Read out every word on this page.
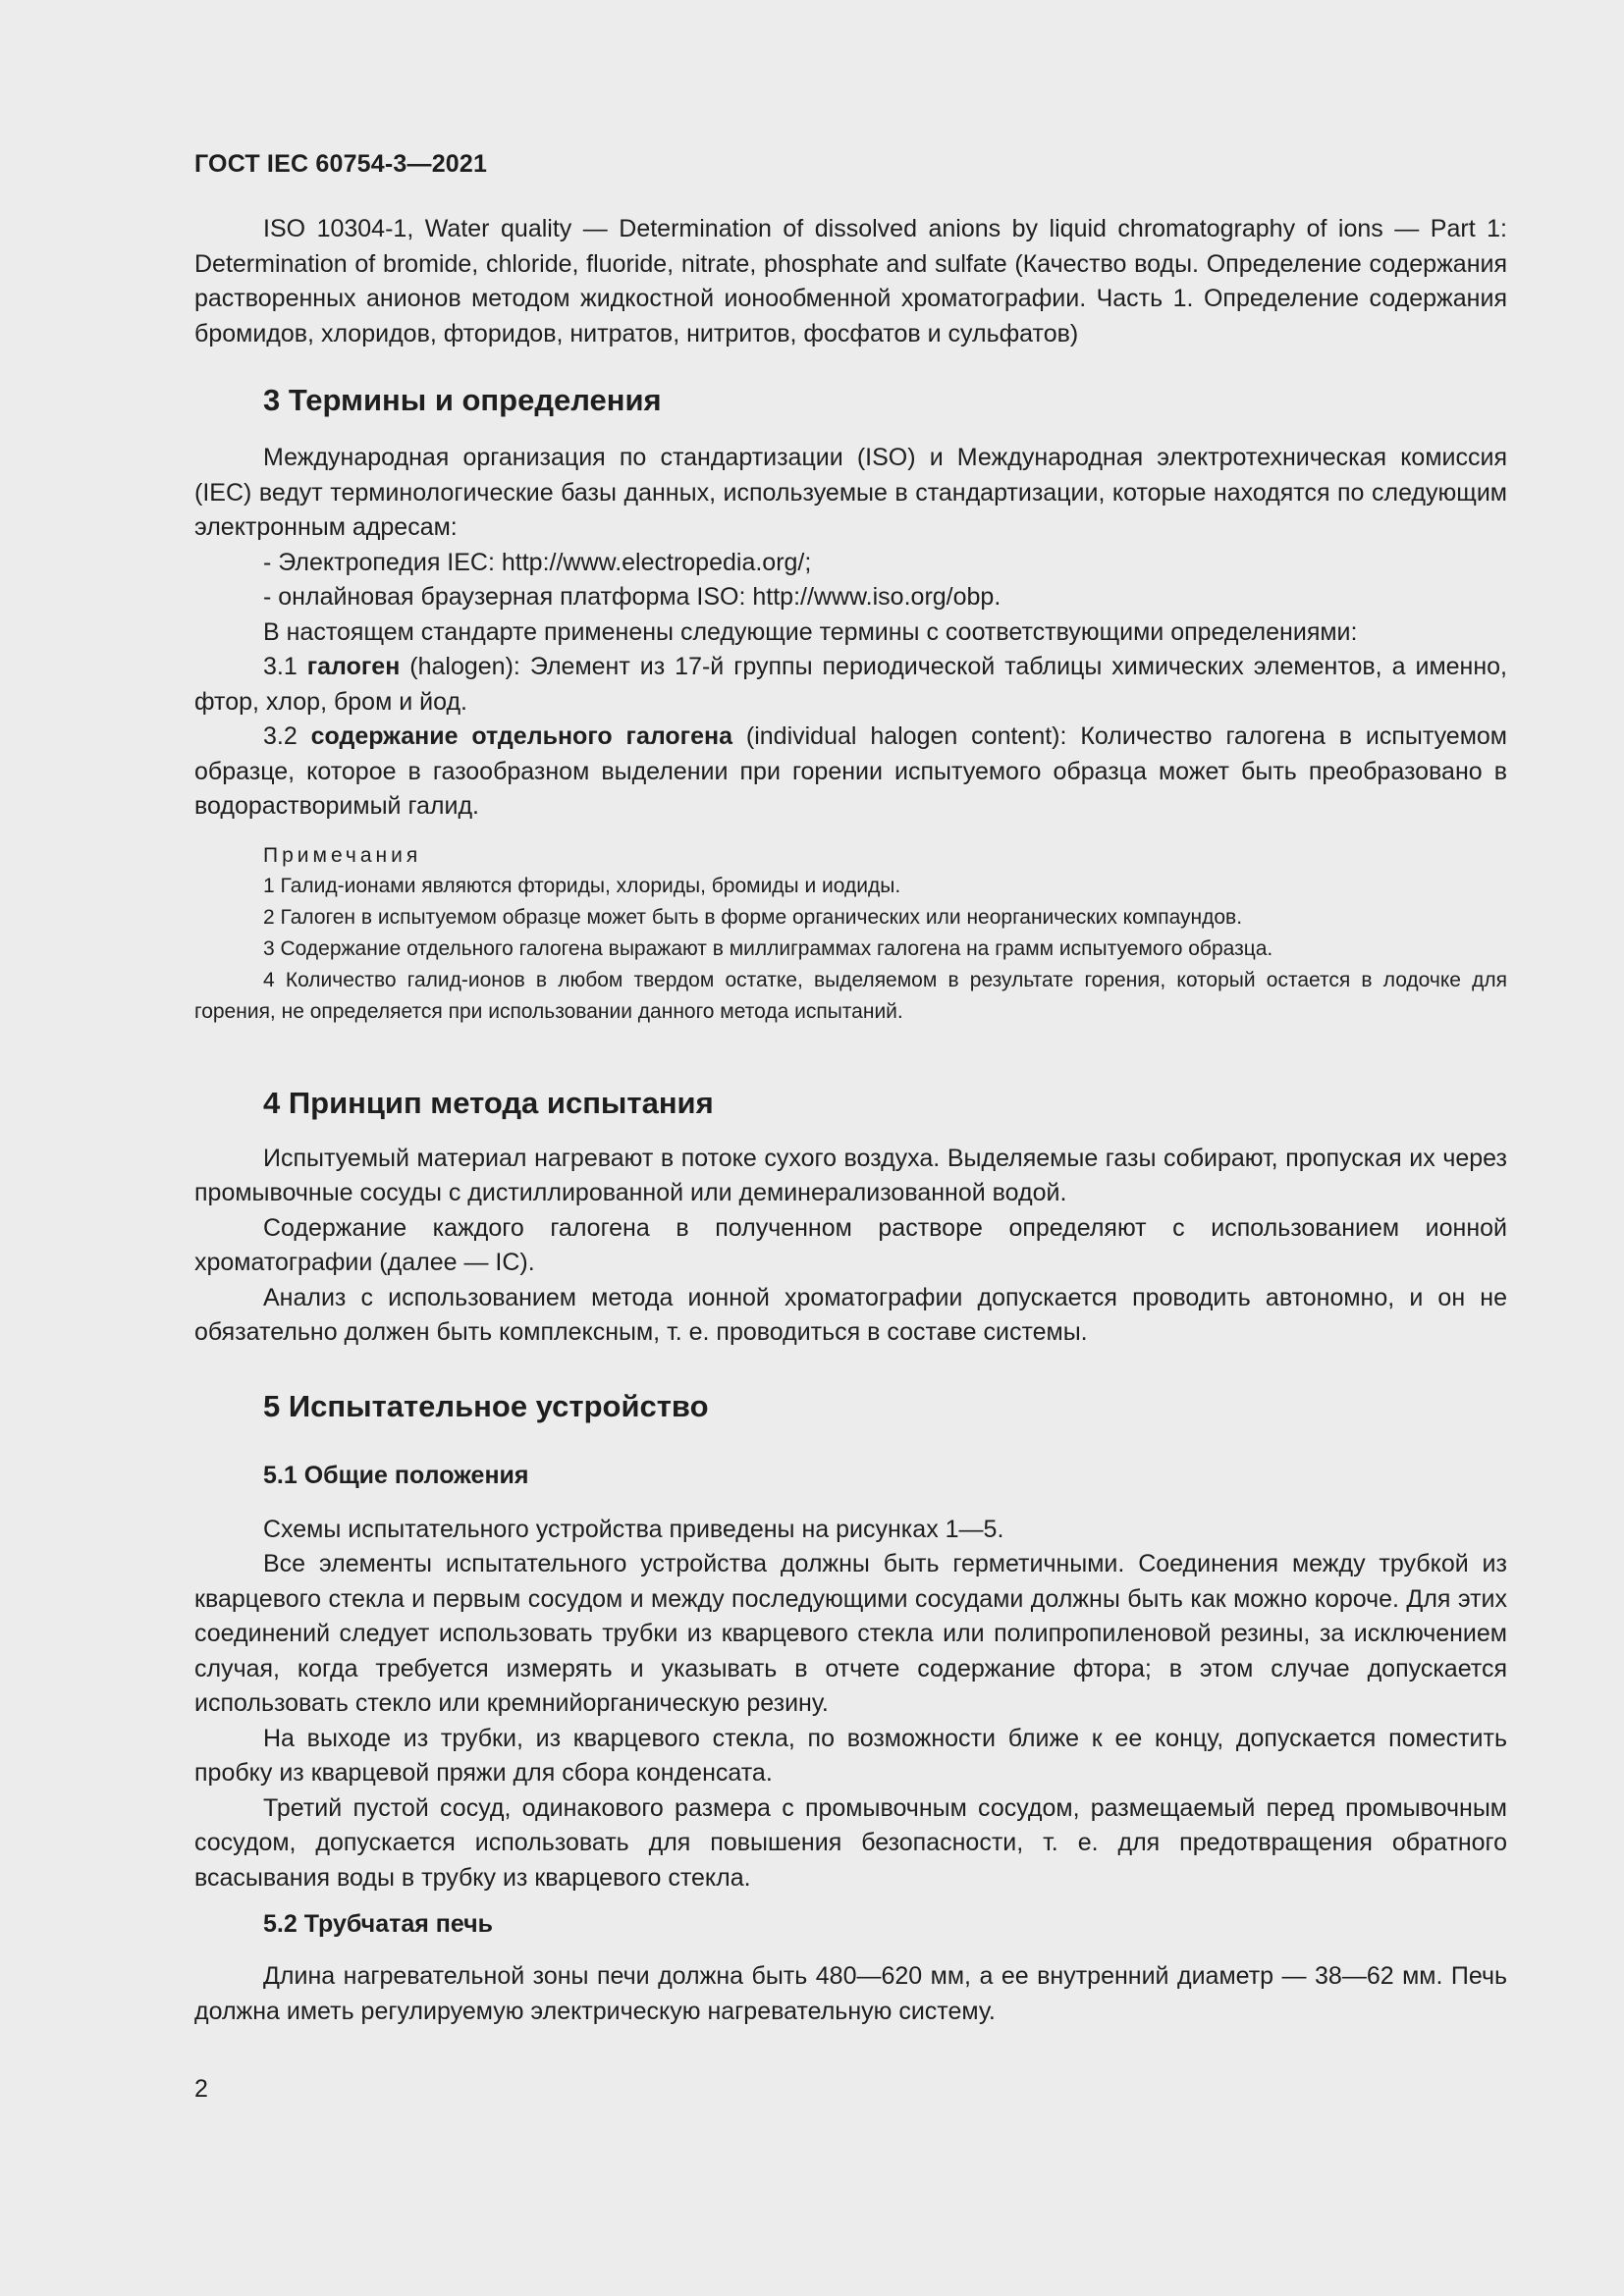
ГОСТ IEC 60754-3—2021

ISO 10304-1, Water quality — Determination of dissolved anions by liquid chromatography of ions — Part 1: Determination of bromide, chloride, fluoride, nitrate, phosphate and sulfate (Качество воды. Определение содержания растворенных анионов методом жидкостной ионообменной хроматографии. Часть 1. Определение содержания бромидов, хлоридов, фторидов, нитратов, нитритов, фосфатов и сульфатов)

3 Термины и определения

Международная организация по стандартизации (ISO) и Международная электротехническая комиссия (IEC) ведут терминологические базы данных, используемые в стандартизации, которые находятся по следующим электронным адресам:

- Электропедия IEC: http://www.electropedia.org/;

- онлайновая браузерная платформа ISO: http://www.iso.org/obp.

В настоящем стандарте применены следующие термины с соответствующими определениями:

3.1 галоген (halogen): Элемент из 17-й группы периодической таблицы химических элементов, а именно, фтор, хлор, бром и йод.

3.2 содержание отдельного галогена (individual halogen content): Количество галогена в испытуемом образце, которое в газообразном выделении при горении испытуемого образца может быть преобразовано в водорастворимый галид.

Примечания

1 Галид-ионами являются фториды, хлориды, бромиды и иодиды.

2 Галоген в испытуемом образце может быть в форме органических или неорганических компаундов.

3 Содержание отдельного галогена выражают в миллиграммах галогена на грамм испытуемого образца.

4 Количество галид-ионов в любом твердом остатке, выделяемом в результате горения, который остается в лодочке для горения, не определяется при использовании данного метода испытаний.

4 Принцип метода испытания

Испытуемый материал нагревают в потоке сухого воздуха. Выделяемые газы собирают, пропуская их через промывочные сосуды с дистиллированной или деминерализованной водой.

Содержание каждого галогена в полученном растворе определяют с использованием ионной хроматографии (далее — IC).

Анализ с использованием метода ионной хроматографии допускается проводить автономно, и он не обязательно должен быть комплексным, т. е. проводиться в составе системы.

5 Испытательное устройство
5.1 Общие положения

Схемы испытательного устройства приведены на рисунках 1—5.

Все элементы испытательного устройства должны быть герметичными. Соединения между трубкой из кварцевого стекла и первым сосудом и между последующими сосудами должны быть как можно короче. Для этих соединений следует использовать трубки из кварцевого стекла или полипропиленовой резины, за исключением случая, когда требуется измерять и указывать в отчете содержание фтора; в этом случае допускается использовать стекло или кремнийорганическую резину.

На выходе из трубки, из кварцевого стекла, по возможности ближе к ее концу, допускается поместить пробку из кварцевой пряжи для сбора конденсата.

Третий пустой сосуд, одинакового размера с промывочным сосудом, размещаемый перед промывочным сосудом, допускается использовать для повышения безопасности, т. е. для предотвращения обратного всасывания воды в трубку из кварцевого стекла.

5.2 Трубчатая печь

Длина нагревательной зоны печи должна быть 480—620 мм, а ее внутренний диаметр — 38—62 мм. Печь должна иметь регулируемую электрическую нагревательную систему.

2
